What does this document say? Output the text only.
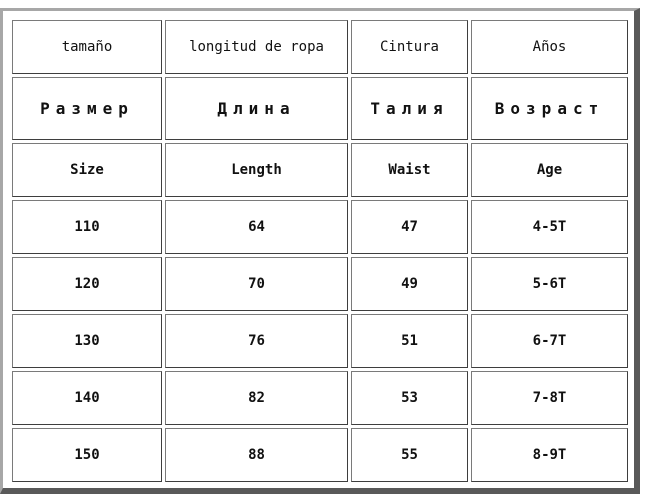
tamaño	longitud de ropa	Cintura	Años
Размер	Длина	Талия	Возраст
Size	Length	Waist	Age
110	64	47	4-5T
120	70	49	5-6T
130	76	51	6-7T
140	82	53	7-8T
150	88	55	8-9T
